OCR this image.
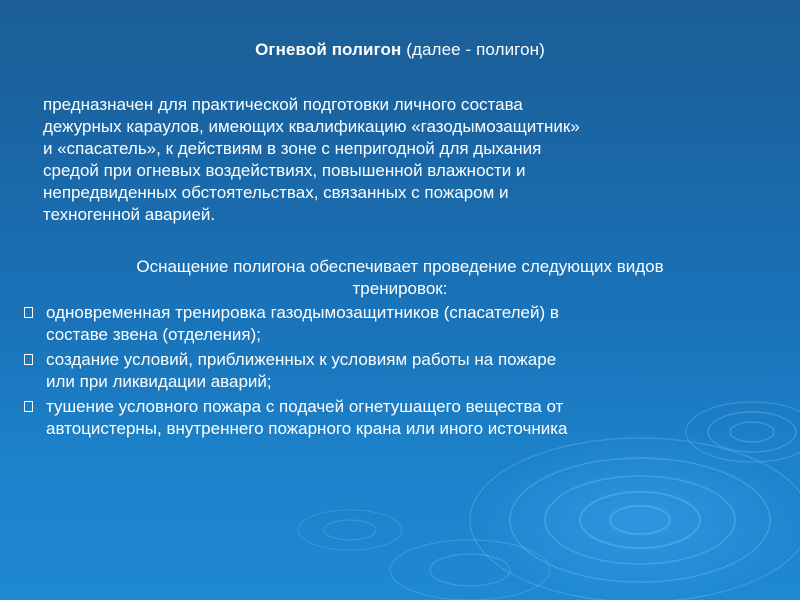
Огневой полигон (далее - полигон)

предназначен для практической подготовки личного состава
дежурных караулов, имеющих квалификацию «газодымозащитник»
и «спасатель», к действиям в зоне с непригодной для дыхания
средой при огневых воздействиях, повышенной влажности и
непредвиденных обстоятельствах, связанных с пожаром и
техногенной аварией.

Оснащение полигона обеспечивает проведение следующих видов
тренировок:
одновременная тренировка газодымозащитников (спасателей) в
составе звена (отделения);
создание условий, приближенных к условиям работы на пожаре
или при ликвидации аварий;
тушение условного пожара с подачей огнетушащего вещества от
автоцистерны, внутреннего пожарного крана или иного источника
